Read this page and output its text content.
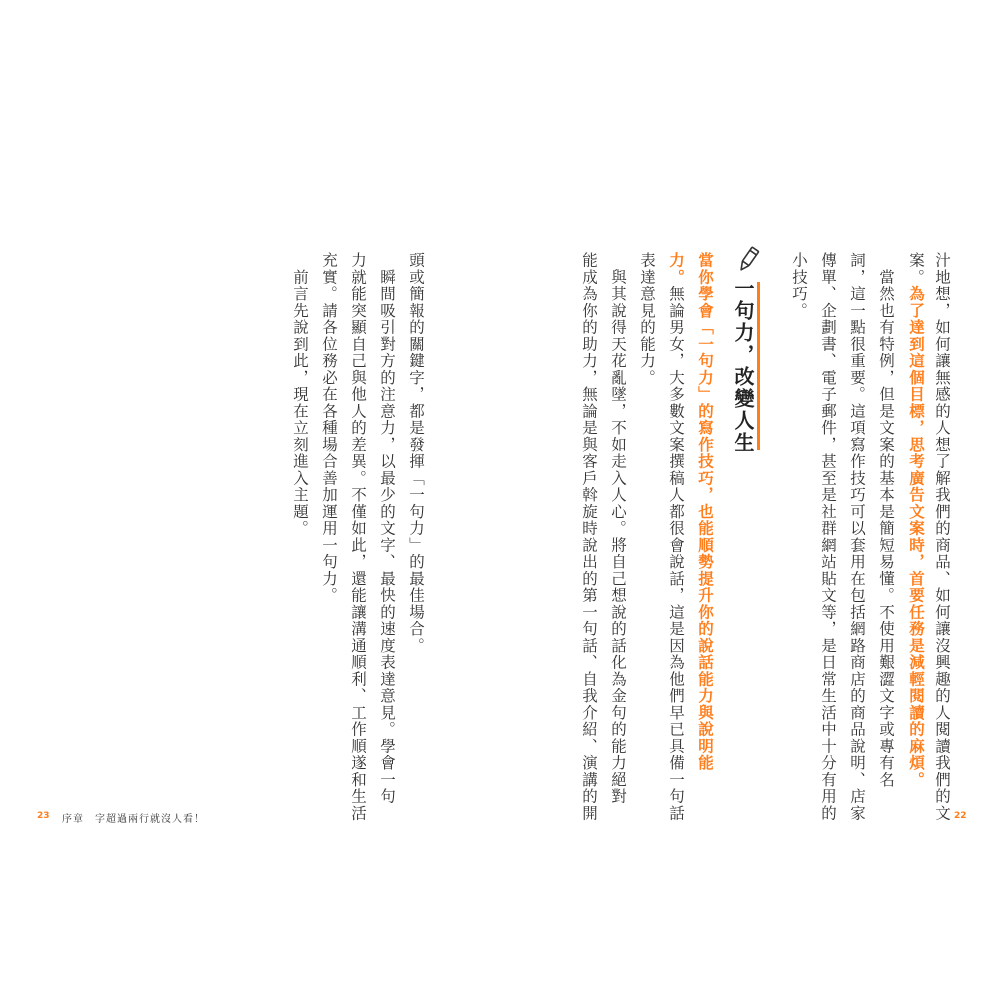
汁地想，如何讓無感的人想了解我們的商品、如何讓沒興趣的人閱讀我們的文
案。為了達到這個目標，思考廣告文案時，首要任務是減輕閱讀的麻煩。
　當然也有特例，但是文案的基本是簡短易懂。不使用艱澀文字或專有名
詞，這一點很重要。這項寫作技巧可以套用在包括網路商店的商品說明、店家
傳單、企劃書、電子郵件，甚至是社群網站貼文等，是日常生活中十分有用的
小技巧。
一句力，改變人生
當你學會「一句力」的寫作技巧，也能順勢提升你的說話能力與說明能
力。無論男女，大多數文案撰稿人都很會說話，這是因為他們早已具備一句話
表達意見的能力。
　與其說得天花亂墜，不如走入人心。將自己想說的話化為金句的能力絕對
能成為你的助力，無論是與客戶斡旋時說出的第一句話、自我介紹、演講的開
頭或簡報的關鍵字，都是發揮「一句力」的最佳場合。
　瞬間吸引對方的注意力，以最少的文字、最快的速度表達意見。學會一句
力就能突顯自己與他人的差異。不僅如此，還能讓溝通順利、工作順遂和生活
充實。請各位務必在各種場合善加運用一句力。
　前言先說到此，現在立刻進入主題。
23 序章　字超過兩行就沒人看！	22
